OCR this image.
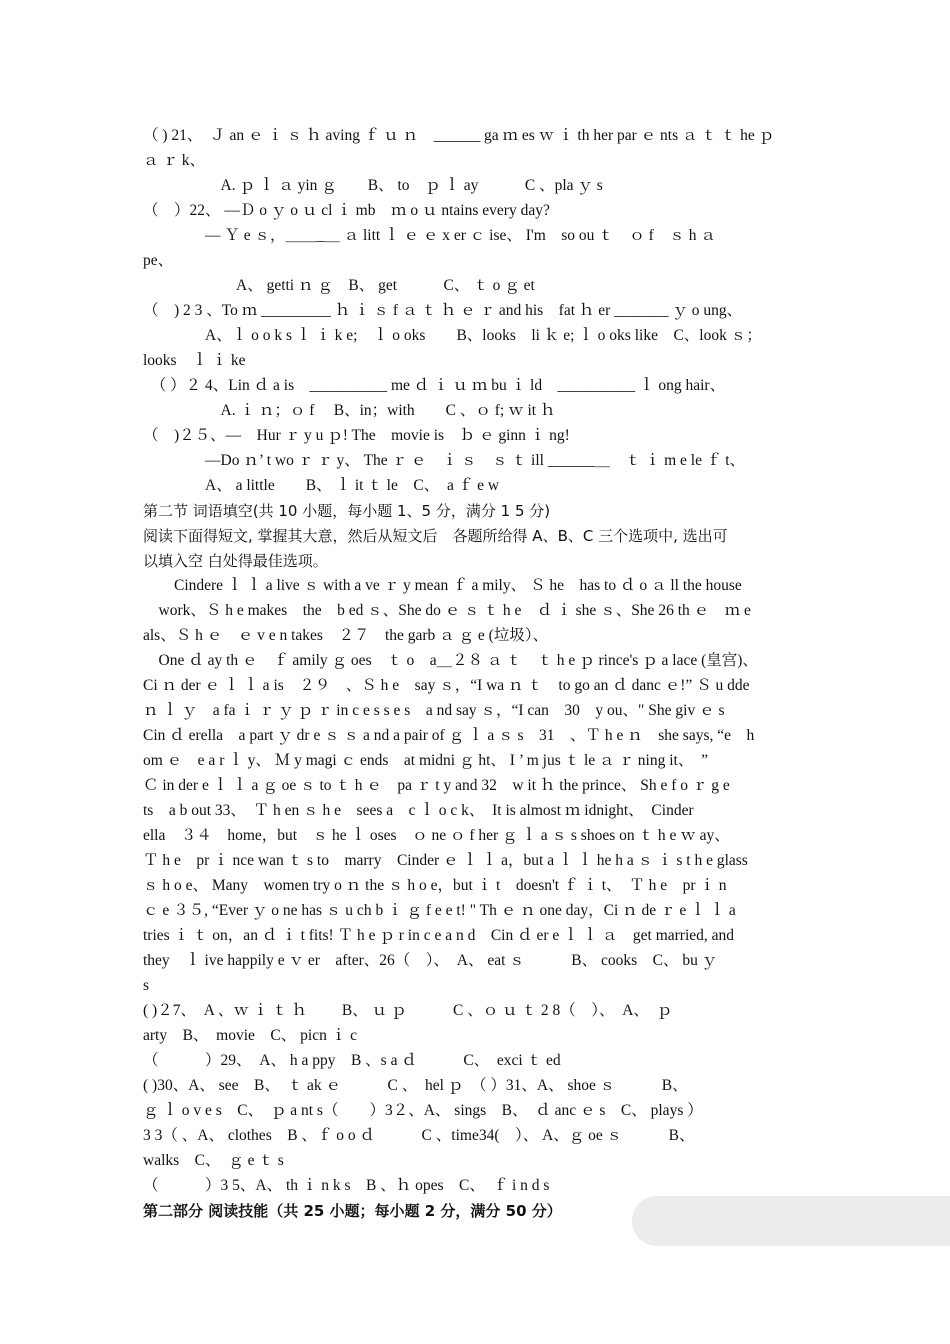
（ ) 21、　Ｊ an ｅ ｉ ｓ ｈ aving ｆ ｕ ｎ　______ ga ｍ es ｗ ｉ th her par ｅ nts ａ ｔ ｔ he ｐ
ａ ｒ k、
　　　　　A. ｐ ｌ ａ yin ｇ　　B、 to　ｐ ｌ ay　　　C 、pla ｙ s
（　）22、 —Ｄ o ｙ o ｕ cl ｉ mb　ｍ o ｕ ntains every day?
　　　　— Ｙ e ｓ，＿＿_＿ ａ litt ｌ ｅ ｅ x er ｃ ise、 I'm　so ou ｔ　ｏ f　ｓ h ａ
pe、
　　　　　　A、 getti ｎ ｇ　B、 get　　　C、 ｔ o ｇ et
（　) 2 3 、To ｍ _________ ｈ ｉ ｓ f ａ ｔ ｈ ｅ ｒ and his　fat ｈ er _______ ｙ o ung、
　　　　A、ｌ o o k s ｌ ｉ k e;　ｌ o oks　　B、looks　li ｋ e; ｌ o oks like　C、look ｓ；
looks　ｌ ｉ ke
　（ ）２ 4、Lin ｄ a is　__________ me ｄ ｉ ｕ ｍ bu ｉ ld　__________ ｌ ong hair、
　　　　　A. ｉ ｎ；ｏ f　 B、in；with　　C 、ｏ f; ｗ it ｈ
（　)２５、—　Hur ｒ y u ｐ! The　movie is　ｂ ｅ ginn ｉ ng!
　　　　—Do ｎ’ t wo ｒ ｒ y、 The ｒ ｅ　ｉ ｓ　ｓ ｔ ill ______＿　ｔ ｉ m e le ｆ t、
　　　　A、 a little　　B、 ｌ it ｔ le　C、　a ｆ e w
第二节 词语填空(共 10 小题，每小题 1、5 分，满分 1 5 分)
阅读下面得短文, 掌握其大意，然后从短文后　各题所给得 A、B、C 三个选项中, 选出可
以填入空 白处得最佳选项。
　　Cindere ｌ ｌ a live ｓ with a ve ｒ y mean ｆ a mily、 Ｓ he　has to ｄ o ａ ll the house
　work、Ｓ h e makes　the　b ed ｓ、She do ｅ ｓ ｔ h e　ｄ ｉ she ｓ、She 26 th ｅ　ｍ e
als、Ｓ h ｅ　ｅ v e n takes　２７　the garb ａ ｇ e (垃圾）、
　One ｄ ay th ｅ　ｆ amily ｇ oes　ｔ o　a＿２８ ａ ｔ　ｔ h e ｐ rince's ｐ a lace (皇宫)、
Ci ｎ der ｅ ｌ ｌ a is　２９　、Ｓ h e　say ｓ，“I wa ｎ ｔ　to go an ｄ danc ｅ!” Ｓ u dde
ｎ ｌ ｙ　a fa ｉ ｒ ｙ ｐ ｒ in c e s s e s　a nd say ｓ，“I can　30　y ou、" She giv ｅ s
Cin ｄ erella　a part ｙ dr e ｓ ｓ a nd a pair of ｇ ｌ a ｓ s　31　、Ｔ h e ｎ　she says, “e　h
om ｅ　e a r ｌ y、 Ｍ y magi ｃ ends　at midni ｇ ht、 I ’ m jus ｔ le ａ ｒ ning it、　”
Ｃ in der e ｌ ｌ a ｇ oe ｓ to ｔ h ｅ　pa ｒ t y and 32　w it ｈ the prince、 Sh e f o ｒ g e
ts　a b out 33、　Ｔ h en ｓ h e　sees a　c ｌ o c k、　It is almost ｍ idnight、　Cinder
ella　３４　home，but　ｓ he ｌ oses　ｏ ne ｏ f her ｇ ｌ a ｓ s shoes on ｔ h e ｗ ay、
Ｔ h e　pr ｉ nce wan ｔ s to　marry　Cinder ｅ ｌ ｌ a，but a ｌ ｌ he h a ｓ ｉ s t h e glass
ｓ h o e、 Many　women try o ｎ the ｓ h o e，but ｉ t　doesn't ｆ ｉ t、　Ｔ h e　pr ｉ n
ｃ e ３５, “Ever ｙ o ne has ｓ u ch b ｉ ｇ f e e t! " Th ｅ ｎ one day，Ci ｎ de ｒ e ｌ ｌ a
tries ｉ ｔ on，an ｄ ｉ t fits! Ｔ h e ｐ r in c e a n d　Cin ｄ er e ｌ ｌ ａ　get married, and
they　ｌ ive happily e ｖ er　after、26（　）、　A、 eat ｓ　　　B、 cooks　C、 bu ｙ
s
( )２7、　A 、ｗ ｉ ｔ ｈ　　 B、 ｕ ｐ　　　C 、ｏ ｕ ｔ 2 8（　）、　A、　ｐ
arty　B、　movie　C、 picn ｉ c
（　　　）29、　A、 h a ppy　B 、s a ｄ　　　C、　exci ｔ ed
( )30、A、 see　B、　ｔ ak ｅ　　　C 、　hel ｐ　（ ）31、A、 shoe ｓ　　　B、
ｇ ｌ o v e s　C、　ｐ a nt s（　　）3２、A、 sings　B、　ｄ anc ｅ s　C、 plays ）
3 3（ 、A、 clothes　B 、ｆ o o ｄ　　　C 、time34(　）、 A、ｇ oe ｓ　　　B、
walks　C、　ｇ e ｔ s
（　　　）3 5、A、 th ｉ n k s　B 、ｈ opes　C、　ｆ i n d s
第二部分 阅读技能（共 25 小题；每小题 2 分，满分 50 分）
